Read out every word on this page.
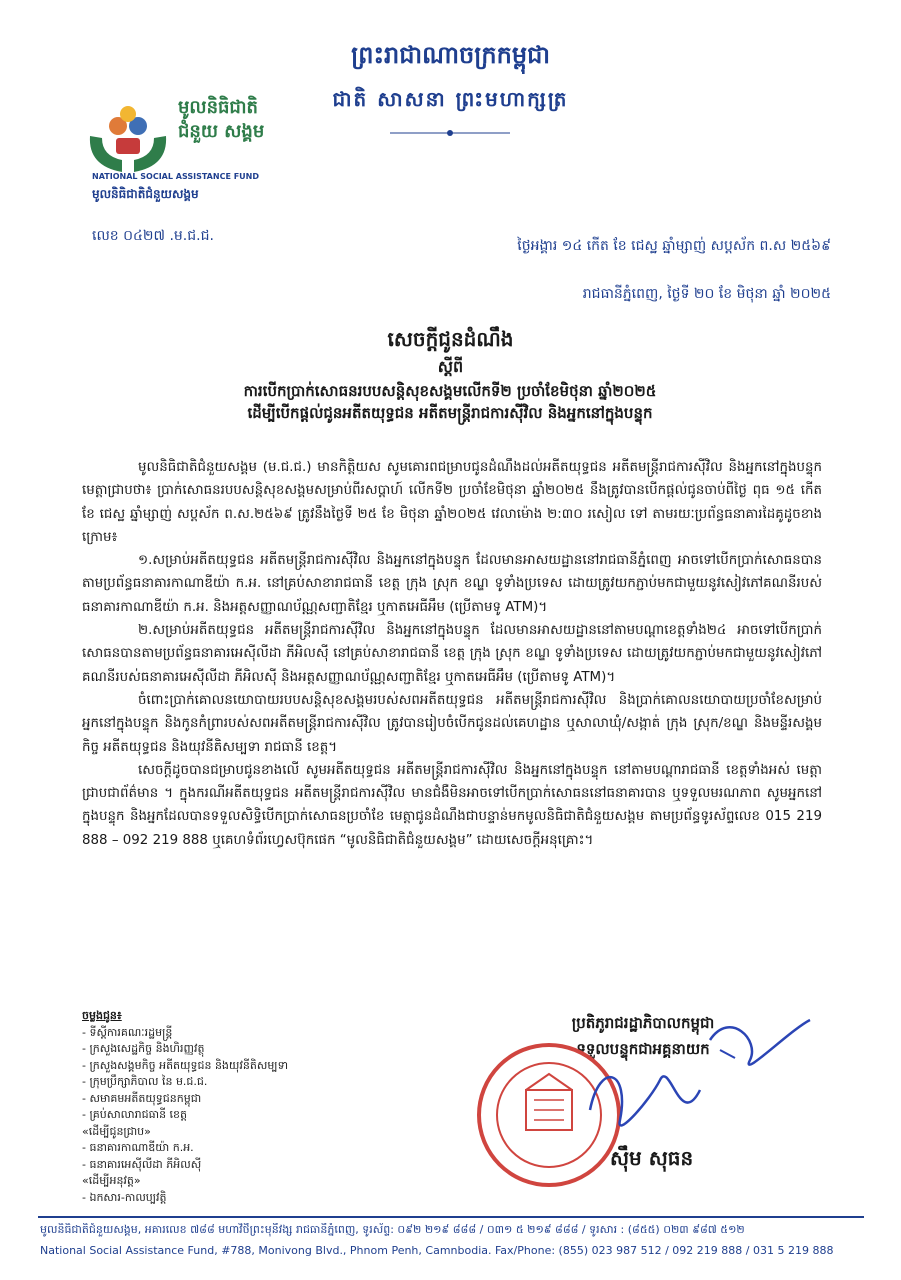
ព្រះរាជាណាចក្រកម្ពុជា
ជាតិ សាសនា ព្រះមហាក្សត្រ
មូលនិធិជាតិ ជំនួយ សង្គម
NATIONAL SOCIAL ASSISTANCE FUND
មូលនិធិជាតិជំនួយសង្គម
លេខ ០៤២៧ .ម.ជ.ជ.
ថ្ងៃអង្គារ ១៤ កើត ខែ ជេស្ឋ ឆ្នាំម្សាញ់ សប្តស័ក ព.ស ២៥៦៩
រាជធានីភ្នំពេញ, ថ្ងៃទី ២០ ខែ មិថុនា ឆ្នាំ ២០២៥
សេចក្តីជូនដំណឹង
ស្តីពី
ការបើកប្រាក់សោធនរបបសន្តិសុខសង្គមលើកទី២ ប្រចាំខែមិថុនា ឆ្នាំ២០២៥
ដើម្បីបើកផ្តល់ជូនអតីតយុទ្ធជន អតីតមន្ត្រីរាជការស៊ីវិល និងអ្នកនៅក្នុងបន្ទុក

មូលនិធិជាតិជំនួយសង្គម (ម.ជ.ជ.) មានកិត្តិយស សូមគោរពជម្រាបជូនដំណឹងដល់អតីតយុទ្ធជន អតីតមន្ត្រីរាជការស៊ីវិល និងអ្នកនៅក្នុងបន្ទុក មេត្តាជ្រាបថា៖ ប្រាក់សោធនរបបសន្តិសុខសង្គមសម្រាប់ពីរសប្តាហ៍ លើកទី២ ប្រចាំខែមិថុនា ឆ្នាំ២០២៥ នឹងត្រូវបានបើកផ្តល់ជូនចាប់ពីថ្ងៃ ពុធ ១៥ កើត ខែ ជេស្ឋ ឆ្នាំម្សាញ់ សប្តស័ក ព.ស.២៥៦៩ ត្រូវនឹងថ្ងៃទី ២៥ ខែ មិថុនា ឆ្នាំ២០២៥ វេលាម៉ោង ២:៣០ រសៀល ទៅ តាមរយៈប្រព័ន្ធធនាគារដៃគូដូចខាងក្រោម៖

១.សម្រាប់អតីតយុទ្ធជន អតីតមន្ត្រីរាជការស៊ីវិល និងអ្នកនៅក្នុងបន្ទុក ដែលមានអាសយដ្ឋាននៅរាជធានីភ្នំពេញ អាចទៅបើកប្រាក់សោធនបានតាមប្រព័ន្ធធនាគារកាណាឌីយ៉ា ក.អ. នៅគ្រប់សាខារាជធានី ខេត្ត ក្រុង ស្រុក ខណ្ឌ ទូទាំងប្រទេស ដោយត្រូវយកភ្ជាប់មកជាមួយនូវសៀវភៅគណនីរបស់ធនាគារកាណាឌីយ៉ា ក.អ. និងអត្តសញ្ញាណប័ណ្ណសញ្ជាតិខ្មែរ ឬកាតអេធីអឹម (ប្រើតាមទូ ATM)។

២.សម្រាប់អតីតយុទ្ធជន អតីតមន្ត្រីរាជការស៊ីវិល និងអ្នកនៅក្នុងបន្ទុក ដែលមានអាសយដ្ឋាននៅតាមបណ្តាខេត្តទាំង២៤ អាចទៅបើកប្រាក់សោធនបានតាមប្រព័ន្ធធនាគារអេស៊ីលីដា ភីអិលស៊ី នៅគ្រប់សាខារាជធានី ខេត្ត ក្រុង ស្រុក ខណ្ឌ ទូទាំងប្រទេស ដោយត្រូវយកភ្ជាប់មកជាមួយនូវសៀវភៅគណនីរបស់ធនាគារអេស៊ីលីដា ភីអិលស៊ី និងអត្តសញ្ញាណប័ណ្ណសញ្ជាតិខ្មែរ ឬកាតអេធីអឹម (ប្រើតាមទូ ATM)។

ចំពោះប្រាក់គោលនយោបាយរបបសន្តិសុខសង្គមរបស់សពអតីតយុទ្ធជន អតីតមន្ត្រីរាជការស៊ីវិល និងប្រាក់គោលនយោបាយប្រចាំខែសម្រាប់អ្នកនៅក្នុងបន្ទុក និងកូនកំព្រារបស់សពអតីតមន្ត្រីរាជការស៊ីវិល ត្រូវបានរៀបចំបើកជូនដល់គេហដ្ឋាន ឬសាលាឃុំ/សង្កាត់ ក្រុង ស្រុក/ខណ្ឌ និងមន្ទីរសង្គមកិច្ច អតីតយុទ្ធជន និងយុវនីតិសម្បទា រាជធានី ខេត្ត។

សេចក្តីដូចបានជម្រាបជូនខាងលើ សូមអតីតយុទ្ធជន អតីតមន្ត្រីរាជការស៊ីវិល និងអ្នកនៅក្នុងបន្ទុក នៅតាមបណ្តារាជធានី ខេត្តទាំងអស់ មេត្តាជ្រាបជាព័ត៌មាន ។ ក្នុងករណីអតីតយុទ្ធជន អតីតមន្ត្រីរាជការស៊ីវិល មានជំងឺមិនអាចទៅបើកប្រាក់សោធននៅធនាគារបាន ឬទទួលមរណភាព សូមអ្នកនៅក្នុងបន្ទុក និងអ្នកដែលបានទទួលសិទ្ធិបើកប្រាក់សោធនប្រចាំខែ មេត្តាជូនដំណឹងជាបន្ទាន់មកមូលនិធិជាតិជំនួយសង្គម តាមប្រព័ន្ធទូរស័ព្ទលេខ 015 219 888 – 092 219 888 ឬគេហទំព័រហ្វេសប៊ុកផេក “មូលនិធិជាតិជំនួយសង្គម” ដោយសេចក្តីអនុគ្រោះ។

ចម្លងជូន៖
- ទីស្តីការគណៈរដ្ឋមន្ត្រី
- ក្រសួងសេដ្ឋកិច្ច និងហិរញ្ញវត្ថុ
- ក្រសួងសង្គមកិច្ច អតីតយុទ្ធជន និងយុវនីតិសម្បទា
- ក្រុមប្រឹក្សាភិបាល នៃ ម.ជ.ជ.
- សមាគមអតីតយុទ្ធជនកម្ពុជា
- គ្រប់សាលារាជធានី ខេត្ត
«ដើម្បីជូនជ្រាប»
- ធនាគារកាណាឌីយ៉ា ក.អ.
- ធនាគារអេស៊ីលីដា ភីអិលស៊ី
«ដើម្បីអនុវត្ត»
- ឯកសារ-កាលប្បវត្តិ
ប្រតិភូរាជរដ្ឋាភិបាលកម្ពុជា
ទទួលបន្ទុកជាអគ្គនាយក
ស៊ឹម សុធន
មូលនិធិជាតិជំនួយសង្គម, អគារលេខ ៧៨៨ មហាវិថីព្រះមុនីវង្ស រាជធានីភ្នំពេញ, ទូរស័ព្ទ: ០៩២ ២១៩ ៨៨៨ / ០៣១ ៥ ២១៩ ៨៨៨ / ទូរសារ : (៨៥៥) ០២៣ ៩៨៧ ៥១២
National Social Assistance Fund, #788, Monivong Blvd., Phnom Penh, Camnbodia. Fax/Phone: (855) 023 987 512 / 092 219 888 / 031 5 219 888
